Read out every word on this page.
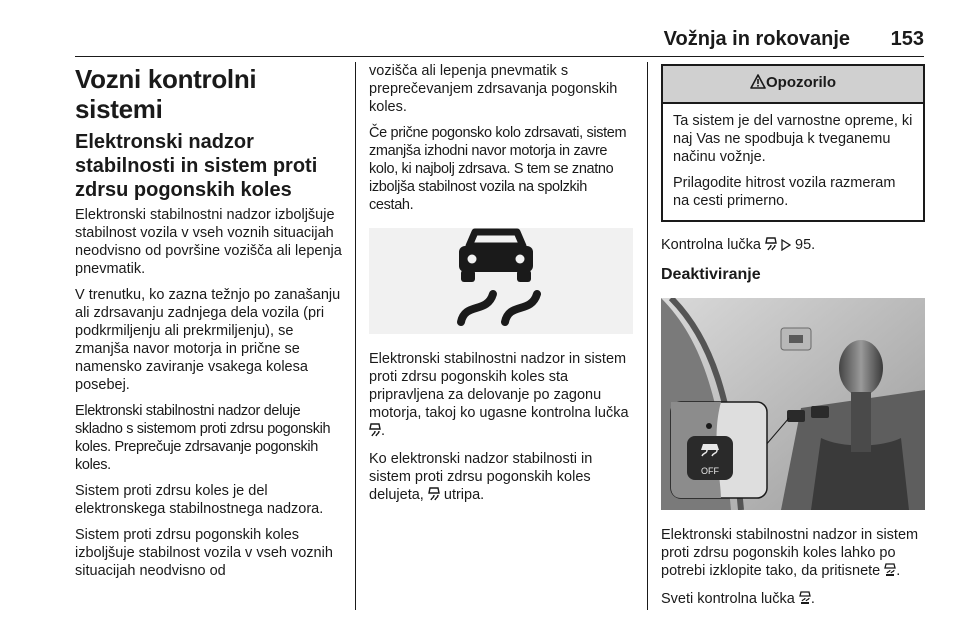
Vožnja in rokovanje 153
Vozni kontrolni sistemi
Elektronski nadzor stabilnosti in sistem proti zdrsu pogonskih koles

Elektronski stabilnostni nadzor izboljšuje stabilnost vozila v vseh voznih situacijah neodvisno od površine vozišča ali lepenja pnevmatik.

V trenutku, ko zazna težnjo po zanašanju ali zdrsavanju zadnjega dela vozila (pri podkrmiljenju ali prekrmiljenju), se zmanjša navor motorja in prične se namensko zaviranje vsakega kolesa posebej.

Elektronski stabilnostni nadzor deluje skladno s sistemom proti zdrsu pogonskih koles. Preprečuje zdrsavanje pogonskih koles.

Sistem proti zdrsu koles je del elektronskega stabilnostnega nadzora.

Sistem proti zdrsu pogonskih koles izboljšuje stabilnost vozila v vseh voznih situacijah neodvisno od

vozišča ali lepenja pnevmatik s preprečevanjem zdrsavanja pogonskih koles.

Če prične pogonsko kolo zdrsavati, sistem zmanjša izhodni navor motorja in zavre kolo, ki najbolj zdrsava. S tem se znatno izboljša stabilnost vozila na spolzkih cestah.

Elektronski stabilnostni nadzor in sistem proti zdrsu pogonskih koles sta pripravljena za delovanje po zagonu motorja, takoj ko ugasne kontrolna lučka .

Ko elektronski nadzor stabilnosti in sistem proti zdrsu pogonskih koles delujeta,  utripa.

Opozorilo

Ta sistem je del varnostne opreme, ki naj Vas ne spodbuja k tveganemu načinu vožnje.

Prilagodite hitrost vozila razmeram na cesti primerno.

Kontrolna lučka   95.

Deaktiviranje
OFF

Elektronski stabilnostni nadzor in sistem proti zdrsu pogonskih koles lahko po potrebi izklopite tako, da pritisnete .

Sveti kontrolna lučka .
